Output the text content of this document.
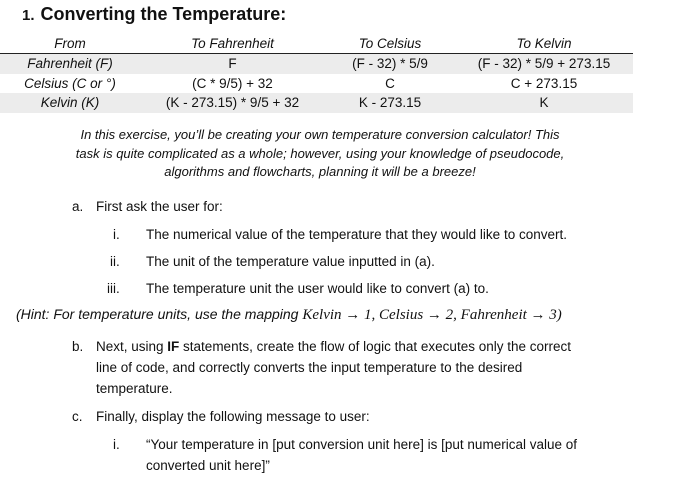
1. Converting the Temperature:
From	To Fahrenheit	To Celsius	To Kelvin
Fahrenheit (F)	F	(F - 32) * 5/9	(F - 32) * 5/9 + 273.15
Celsius (C or °)	(C * 9/5) + 32	C	C + 273.15
Kelvin (K)	(K - 273.15) * 9/5 + 32	K - 273.15	K
In this exercise, you’ll be creating your own temperature conversion calculator! This
task is quite complicated as a whole; however, using your knowledge of pseudocode,
algorithms and flowcharts, planning it will be a breeze!
a. First ask the user for:
i. The numerical value of the temperature that they would like to convert.
ii. The unit of the temperature value inputted in (a).
iii. The temperature unit the user would like to convert (a) to.
(Hint: For temperature units, use the mapping Kelvin → 1, Celsius → 2, Fahrenheit → 3)
b. Next, using IF statements, create the flow of logic that executes only the correct
line of code, and correctly converts the input temperature to the desired
temperature.
c. Finally, display the following message to user:
i. “Your temperature in [put conversion unit here] is [put numerical value of
converted unit here]”
